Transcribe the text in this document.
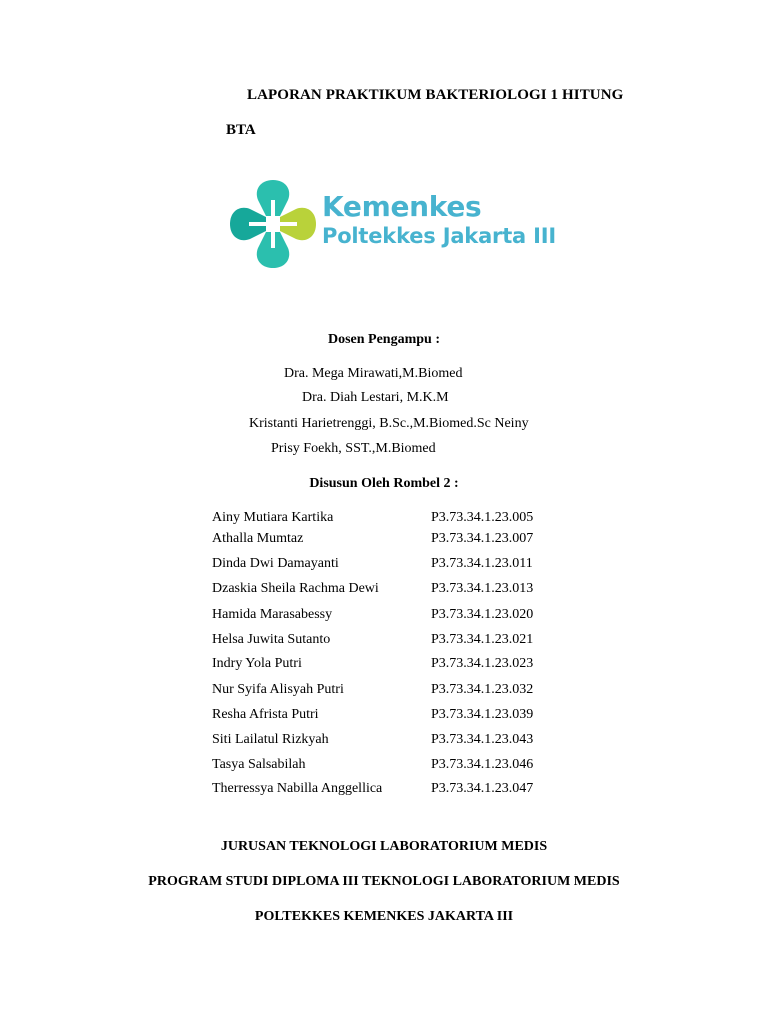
LAPORAN PRAKTIKUM BAKTERIOLOGI 1 HITUNG
BTA
Kemenkes
Poltekkes Jakarta III
Dosen Pengampu :
Dra. Mega Mirawati,M.Biomed
Dra. Diah Lestari, M.K.M
Kristanti Harietrenggi, B.Sc.,M.Biomed.Sc Neiny
Prisy Foekh, SST.,M.Biomed
Disusun Oleh Rombel 2 :
Ainy Mutiara Kartika	P3.73.34.1.23.005
Athalla Mumtaz	P3.73.34.1.23.007
Dinda Dwi Damayanti	P3.73.34.1.23.011
Dzaskia Sheila Rachma Dewi	P3.73.34.1.23.013
Hamida Marasabessy	P3.73.34.1.23.020
Helsa Juwita Sutanto	P3.73.34.1.23.021
Indry Yola Putri	P3.73.34.1.23.023
Nur Syifa Alisyah Putri	P3.73.34.1.23.032
Resha Afrista Putri	P3.73.34.1.23.039
Siti Lailatul Rizkyah	P3.73.34.1.23.043
Tasya Salsabilah	P3.73.34.1.23.046
Therressya Nabilla Anggellica	P3.73.34.1.23.047
JURUSAN TEKNOLOGI LABORATORIUM MEDIS
PROGRAM STUDI DIPLOMA III TEKNOLOGI LABORATORIUM MEDIS
POLTEKKES KEMENKES JAKARTA III
